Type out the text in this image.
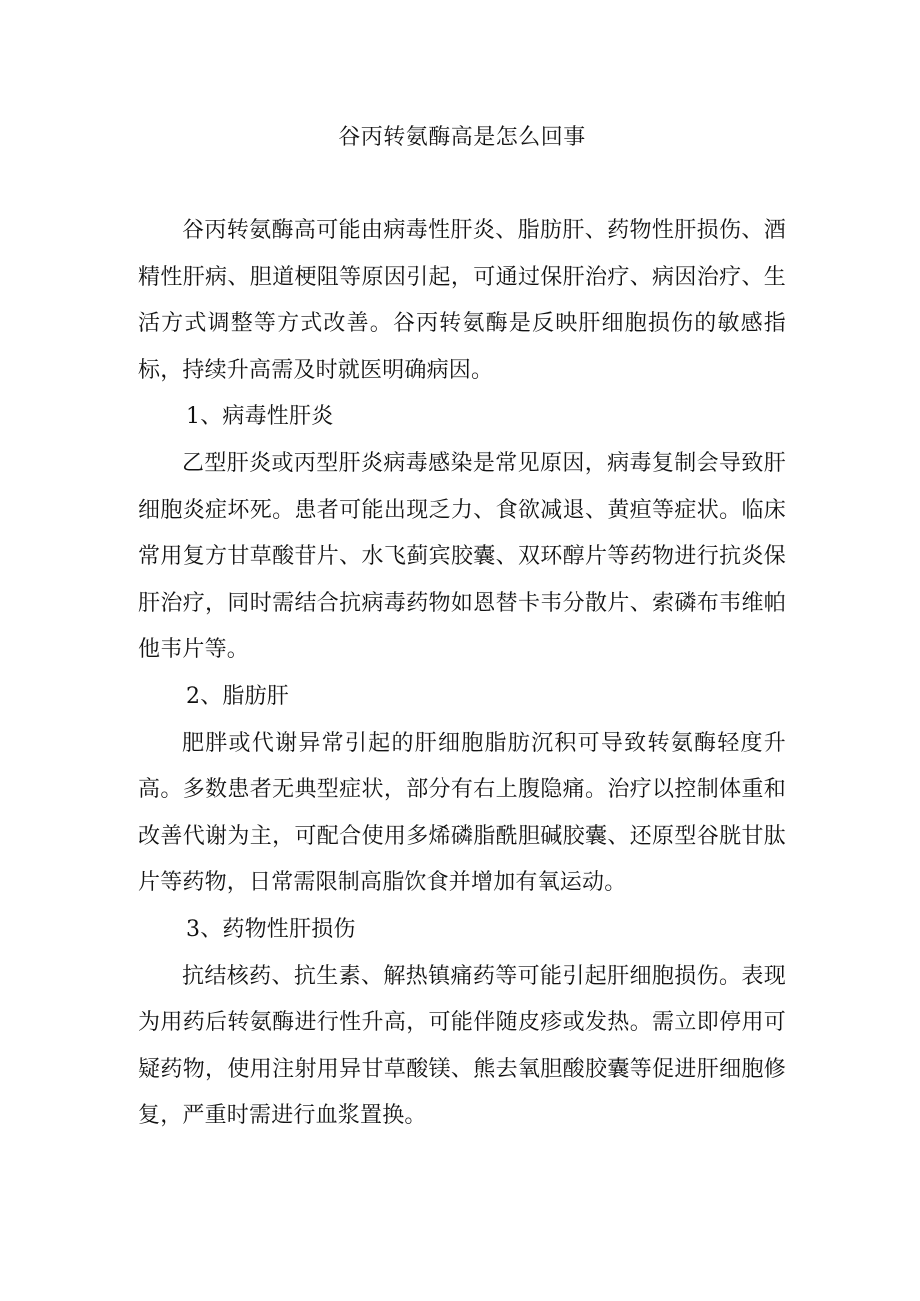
谷丙转氨酶高是怎么回事

谷丙转氨酶高可能由病毒性肝炎、脂肪肝、药物性肝损伤、酒精性肝病、胆道梗阻等原因引起，可通过保肝治疗、病因治疗、生活方式调整等方式改善。谷丙转氨酶是反映肝细胞损伤的敏感指标，持续升高需及时就医明确病因。

1、病毒性肝炎

乙型肝炎或丙型肝炎病毒感染是常见原因，病毒复制会导致肝细胞炎症坏死。患者可能出现乏力、食欲减退、黄疸等症状。临床常用复方甘草酸苷片、水飞蓟宾胶囊、双环醇片等药物进行抗炎保肝治疗，同时需结合抗病毒药物如恩替卡韦分散片、索磷布韦维帕他韦片等。

2、脂肪肝

肥胖或代谢异常引起的肝细胞脂肪沉积可导致转氨酶轻度升高。多数患者无典型症状，部分有右上腹隐痛。治疗以控制体重和改善代谢为主，可配合使用多烯磷脂酰胆碱胶囊、还原型谷胱甘肽片等药物，日常需限制高脂饮食并增加有氧运动。

3、药物性肝损伤

抗结核药、抗生素、解热镇痛药等可能引起肝细胞损伤。表现为用药后转氨酶进行性升高，可能伴随皮疹或发热。需立即停用可疑药物，使用注射用异甘草酸镁、熊去氧胆酸胶囊等促进肝细胞修复，严重时需进行血浆置换。
